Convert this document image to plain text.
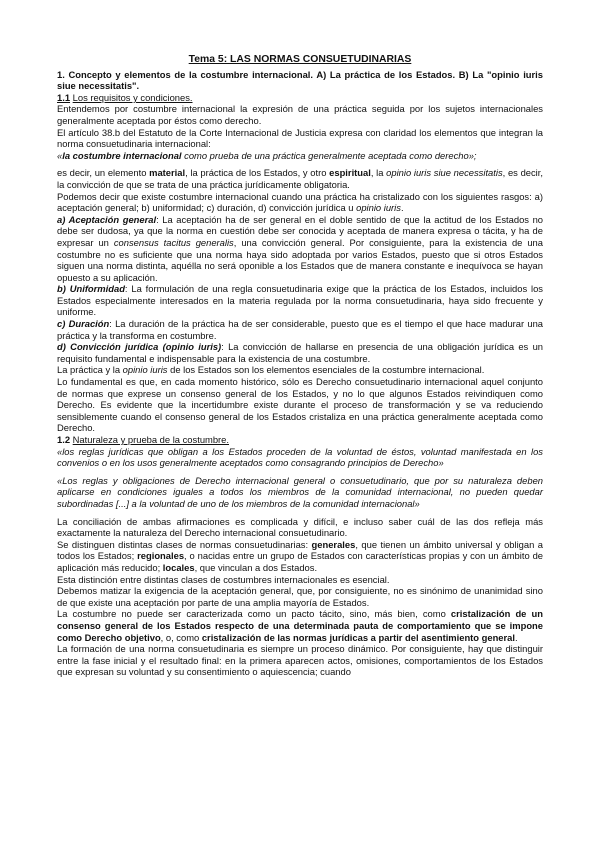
Tema 5: LAS NORMAS CONSUETUDINARIAS

1. Concepto y elementos de la costumbre internacional. A) La práctica de los Estados. B) La "opinio iuris siue necessitatis".

1.1 Los requisitos y condiciones.

Entendemos por costumbre internacional la expresión de una práctica seguida por los sujetos internacionales generalmente aceptada por éstos como derecho.

El artículo 38.b del Estatuto de la Corte Internacional de Justicia expresa con claridad los elementos que integran la norma consuetudinaria internacional:

«la costumbre internacional como prueba de una práctica generalmente aceptada como derecho»;

es decir, un elemento material, la práctica de los Estados, y otro espiritual, la opinio iuris siue necessitatis, es decir, la convicción de que se trata de una práctica jurídicamente obligatoria.

Podemos decir que existe costumbre internacional cuando una práctica ha cristalizado con los siguientes rasgos: a) aceptación general; b) uniformidad; c) duración, d) convicción jurídica u opinio iuris.

a) Aceptación general: La aceptación ha de ser general en el doble sentido de que la actitud de los Estados no debe ser dudosa, ya que la norma en cuestión debe ser conocida y aceptada de manera expresa o tácita, y ha de expresar un consensus tacitus generalis, una convicción general. Por consiguiente, para la existencia de una costumbre no es suficiente que una norma haya sido adoptada por varios Estados, puesto que si otros Estados siguen una norma distinta, aquélla no será oponible a los Estados que de manera constante e inequívoca se hayan opuesto a su aplicación.

b) Uniformidad: La formulación de una regla consuetudinaria exige que la práctica de los Estados, incluidos los Estados especialmente interesados en la materia regulada por la norma consuetudinaria, haya sido frecuente y uniforme.

c) Duración: La duración de la práctica ha de ser considerable, puesto que es el tiempo el que hace madurar una práctica y la transforma en costumbre.

d) Convicción jurídica (opinio iuris): La convicción de hallarse en presencia de una obligación jurídica es un requisito fundamental e indispensable para la existencia de una costumbre.

La práctica y la opinio iuris de los Estados son los elementos esenciales de la costumbre internacional.

Lo fundamental es que, en cada momento histórico, sólo es Derecho consuetudinario internacional aquel conjunto de normas que exprese un consenso general de los Estados, y no lo que algunos Estados reivindiquen como Derecho. Es evidente que la incertidumbre existe durante el proceso de transformación y se va reduciendo sensiblemente cuando el consenso general de los Estados cristaliza en una práctica generalmente aceptada como Derecho.

1.2 Naturaleza y prueba de la costumbre.

«los reglas jurídicas que obligan a los Estados proceden de la voluntad de éstos, voluntad manifestada en los convenios o en los usos generalmente aceptados como consagrando principios de Derecho»

«Los reglas y obligaciones de Derecho internacional general o consuetudinario, que por su naturaleza deben aplicarse en condiciones iguales a todos los miembros de la comunidad internacional, no pueden quedar subordinadas [...] a la voluntad de uno de los miembros de la comunidad internacional»

La conciliación de ambas afirmaciones es complicada y difícil, e incluso saber cuál de las dos refleja más exactamente la naturaleza del Derecho internacional consuetudinario.

Se distinguen distintas clases de normas consuetudinarias: generales, que tienen un ámbito universal y obligan a todos los Estados; regionales, o nacidas entre un grupo de Estados con características propias y con un ámbito de aplicación más reducido; locales, que vinculan a dos Estados.

Esta distinción entre distintas clases de costumbres internacionales es esencial.

Debemos matizar la exigencia de la aceptación general, que, por consiguiente, no es sinónimo de unanimidad sino de que existe una aceptación por parte de una amplia mayoría de Estados.

La costumbre no puede ser caracterizada como un pacto tácito, sino, más bien, como cristalización de un consenso general de los Estados respecto de una determinada pauta de comportamiento que se impone como Derecho objetivo, o, como cristalización de las normas jurídicas a partir del asentimiento general.

La formación de una norma consuetudinaria es siempre un proceso dinámico. Por consiguiente, hay que distinguir entre la fase inicial y el resultado final: en la primera aparecen actos, omisiones, comportamientos de los Estados que expresan su voluntad y su consentimiento o aquiescencia; cuando
